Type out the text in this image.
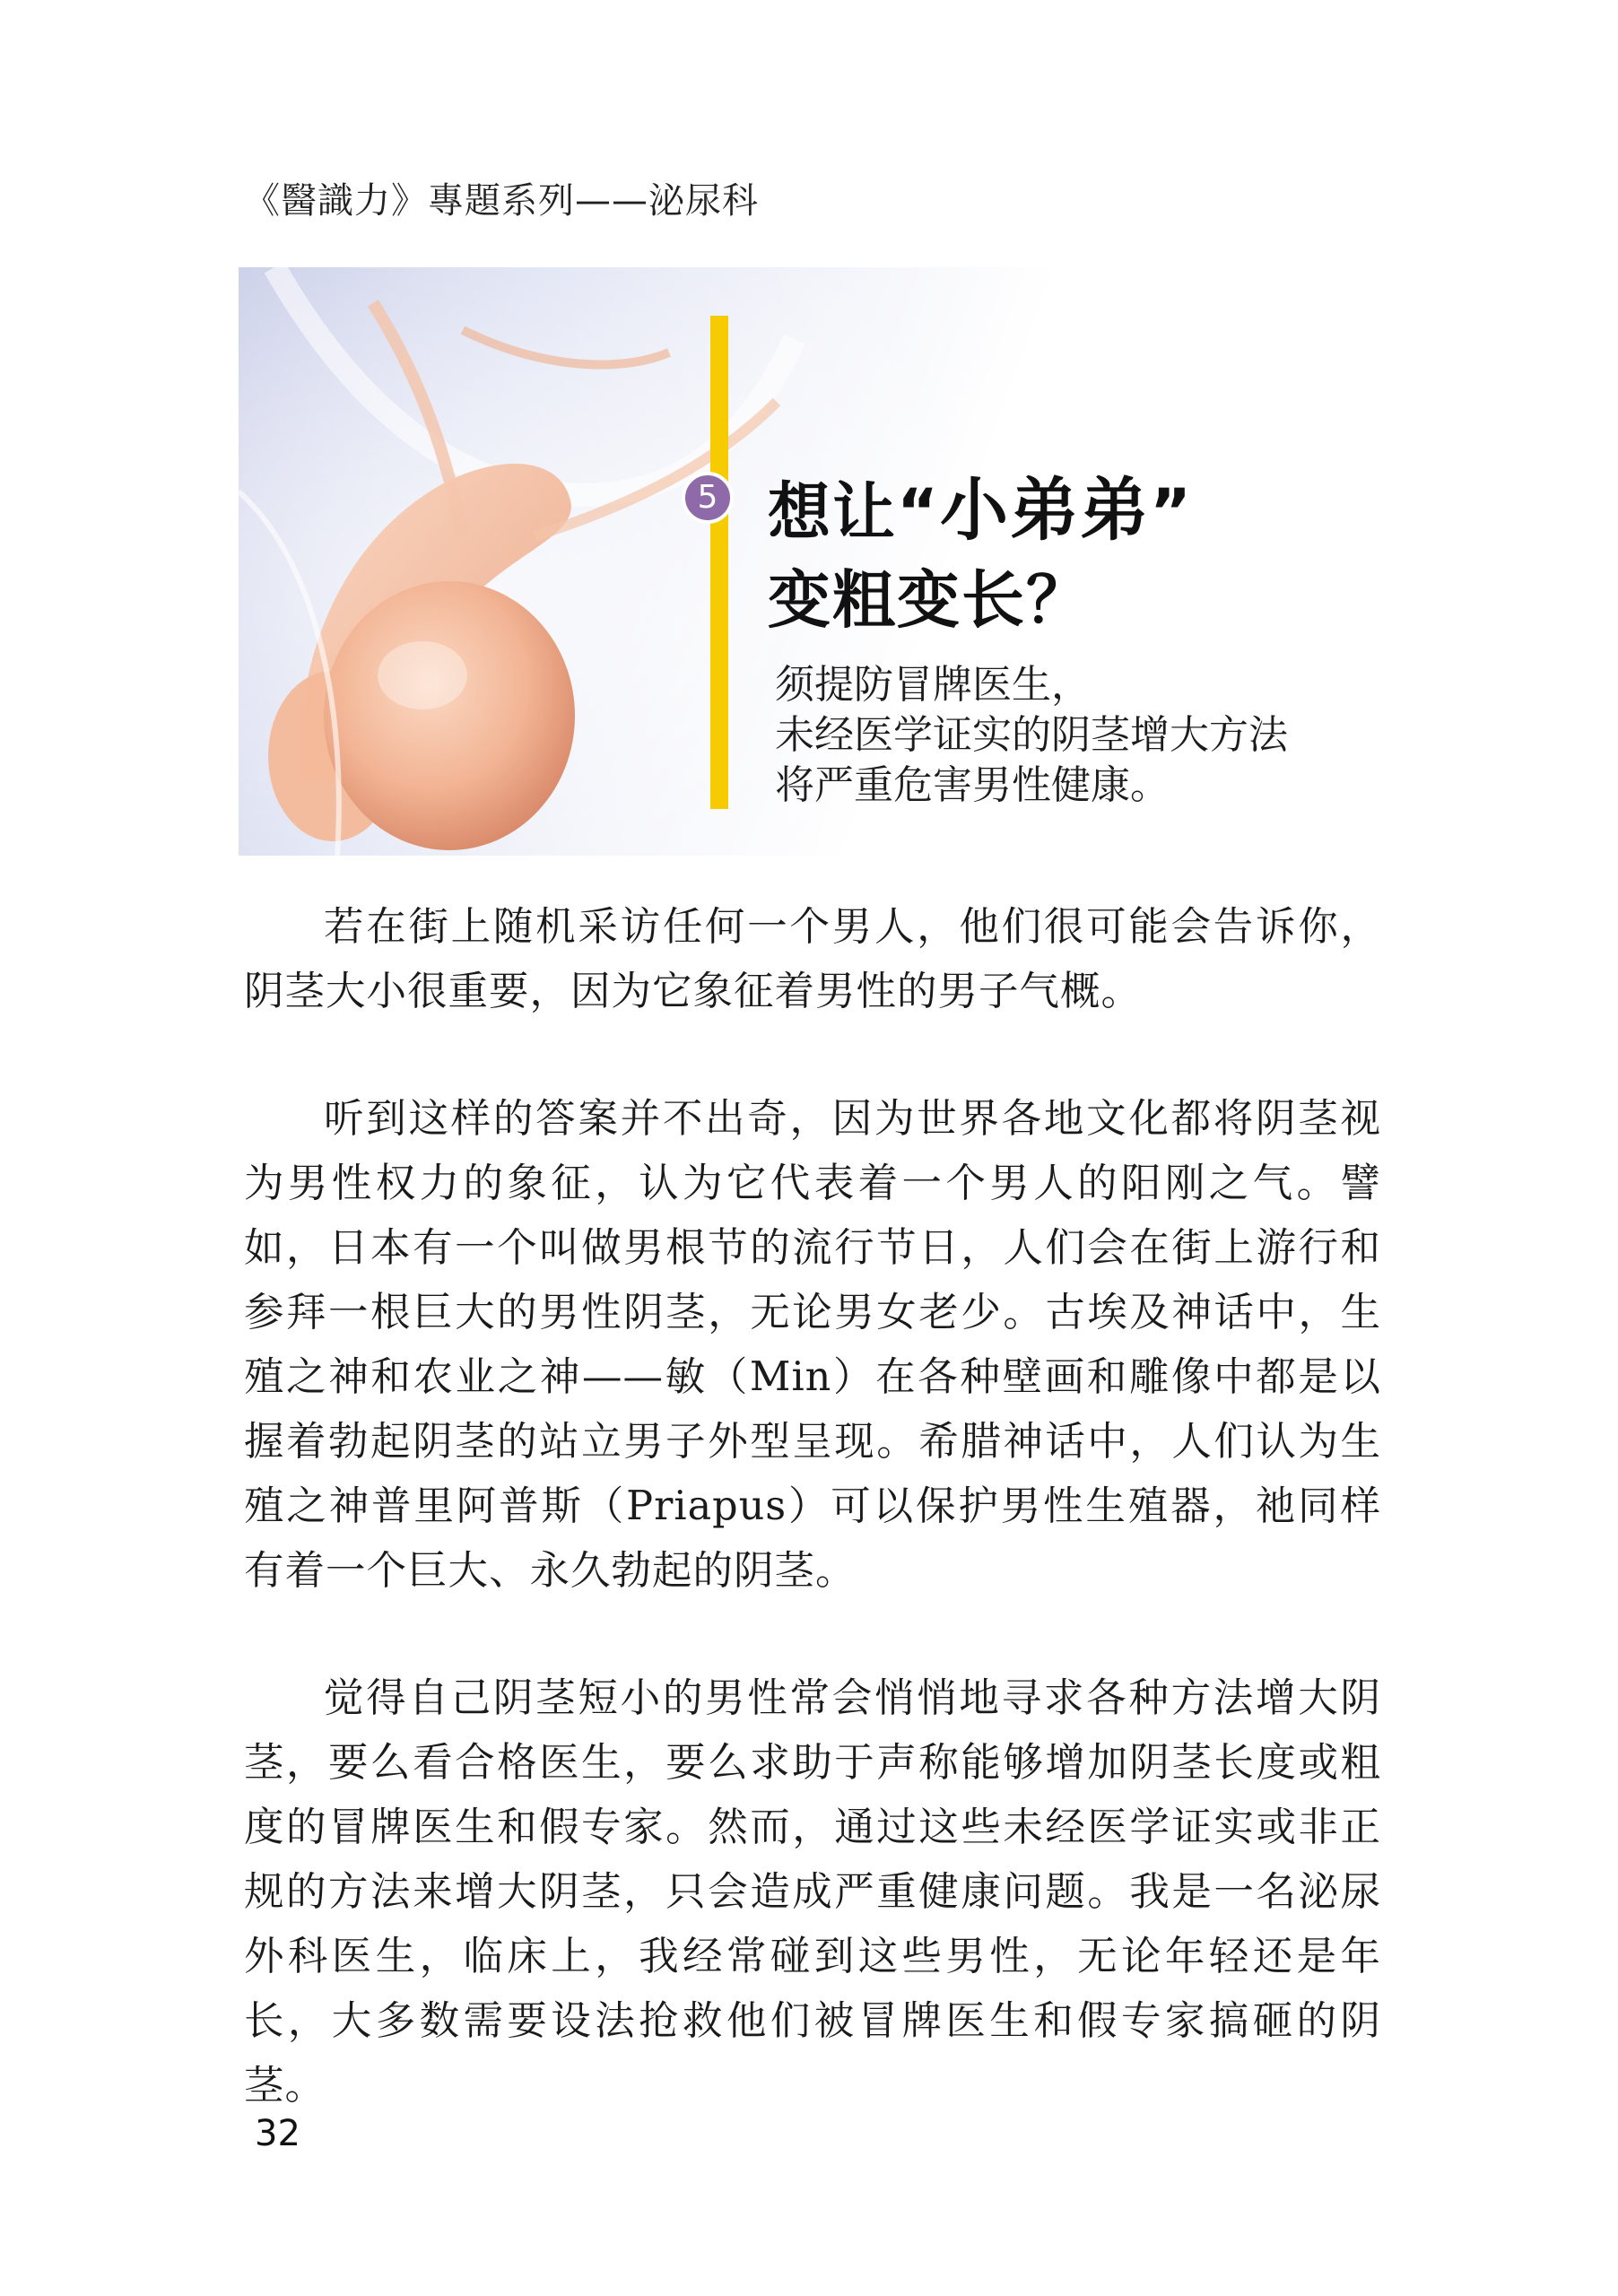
《醫識力》專題系列——泌尿科
5 想让“小弟弟”
变粗变长？
须提防冒牌医生，
未经医学证实的阴茎增大方法
将严重危害男性健康。

若在街上随机采访任何一个男人，他们很可能会告诉你，阴茎大小很重要，因为它象征着男性的男子气概。

听到这样的答案并不出奇，因为世界各地文化都将阴茎视为男性权力的象征，认为它代表着一个男人的阳刚之气。譬如，日本有一个叫做男根节的流行节日，人们会在街上游行和参拜一根巨大的男性阴茎，无论男女老少。古埃及神话中，生殖之神和农业之神——敏（Min）在各种壁画和雕像中都是以握着勃起阴茎的站立男子外型呈现。希腊神话中，人们认为生殖之神普里阿普斯（Priapus）可以保护男性生殖器，祂同样有着一个巨大、永久勃起的阴茎。

觉得自己阴茎短小的男性常会悄悄地寻求各种方法增大阴茎，要么看合格医生，要么求助于声称能够增加阴茎长度或粗度的冒牌医生和假专家。然而，通过这些未经医学证实或非正规的方法来增大阴茎，只会造成严重健康问题。我是一名泌尿外科医生，临床上，我经常碰到这些男性，无论年轻还是年长，大多数需要设法抢救他们被冒牌医生和假专家搞砸的阴茎。

32
